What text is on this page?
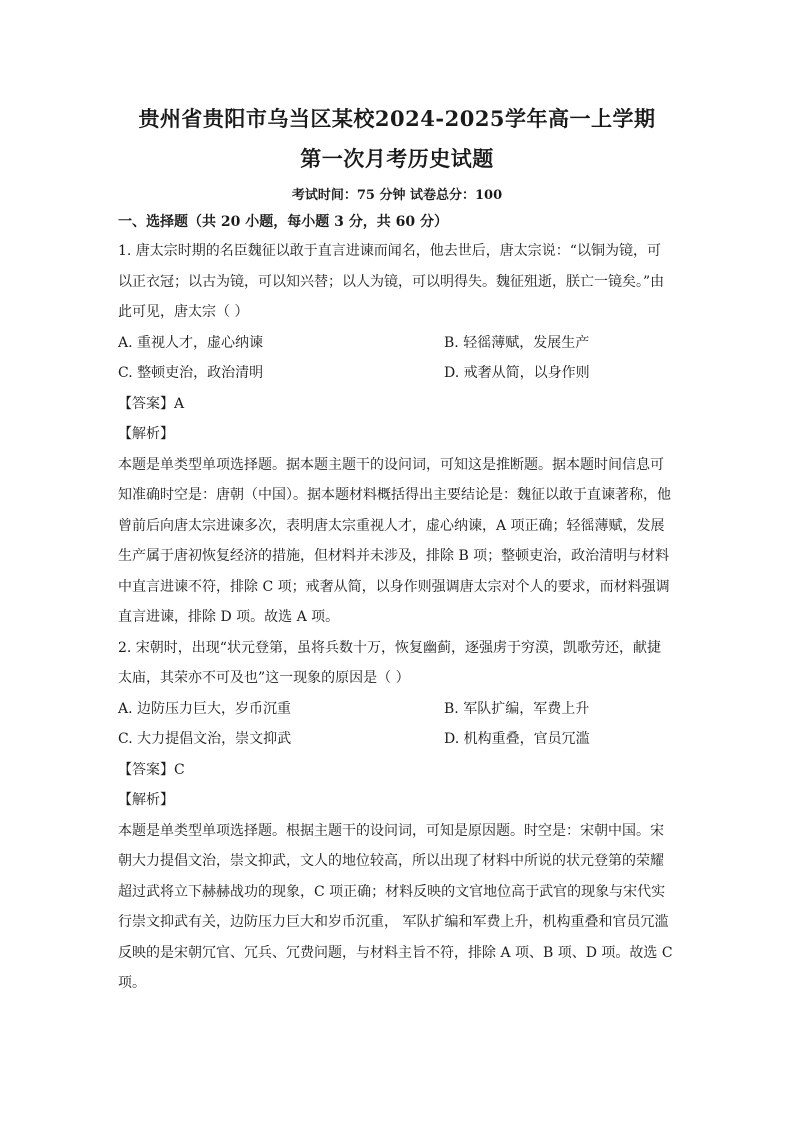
贵州省贵阳市乌当区某校2024-2025学年高一上学期
第一次月考历史试题
考试时间：75 分钟 试卷总分：100
一、选择题（共 20 小题，每小题 3 分，共 60 分）

1. 唐太宗时期的名臣魏征以敢于直言进谏而闻名，他去世后，唐太宗说：“以铜为镜，可

以正衣冠；以古为镜，可以知兴替；以人为镜，可以明得失。魏征殂逝，朕亡一镜矣。”由

此可见，唐太宗（ ）

A. 重视人才，虚心纳谏	B. 轻徭薄赋，发展生产
C. 整顿吏治，政治清明	D. 戒奢从简，以身作则
【答案】A
【解析】

本题是单类型单项选择题。据本题主题干的设问词，可知这是推断题。据本题时间信息可

知准确时空是：唐朝（中国）。据本题材料概括得出主要结论是：魏征以敢于直谏著称，他

曾前后向唐太宗进谏多次，表明唐太宗重视人才，虚心纳谏，A 项正确；轻徭薄赋，发展

生产属于唐初恢复经济的措施，但材料并未涉及，排除 B 项；整顿吏治，政治清明与材料

中直言进谏不符，排除 C 项；戒奢从简，以身作则强调唐太宗对个人的要求，而材料强调

直言进谏，排除 D 项。故选 A 项。

2. 宋朝时，出现“状元登第，虽将兵数十万，恢复幽蓟，逐强虏于穷漠，凯歌劳还，献捷

太庙，其荣亦不可及也”这一现象的原因是（ ）

A. 边防压力巨大，岁币沉重	B. 军队扩编，军费上升
C. 大力提倡文治，崇文抑武	D. 机构重叠，官员冗滥
【答案】C
【解析】

本题是单类型单项选择题。根据主题干的设问词，可知是原因题。时空是：宋朝中国。宋

朝大力提倡文治，崇文抑武，文人的地位较高，所以出现了材料中所说的状元登第的荣耀

超过武将立下赫赫战功的现象，C 项正确；材料反映的文官地位高于武官的现象与宋代实

行崇文抑武有关，边防压力巨大和岁币沉重， 军队扩编和军费上升，机构重叠和官员冗滥

反映的是宋朝冗官、冗兵、冗费问题，与材料主旨不符，排除 A 项、B 项、D 项。故选 C

项。
